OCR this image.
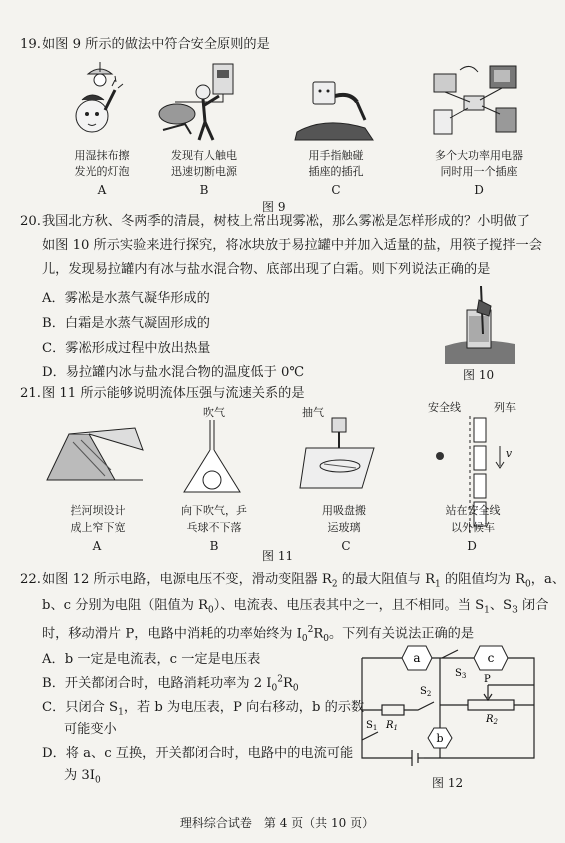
19. 如图 9 所示的做法中符合安全原则的是
用湿抹布擦
发光的灯泡
发现有人触电
迅速切断电源
用手指触碰
插座的插孔
多个大功率用电器
同时用一个插座
A	B	C	D
图 9
20. 我国北方秋、冬两季的清晨，树枝上常出现雾凇，那么雾凇是怎样形成的？小明做了
如图 10 所示实验来进行探究，将冰块放于易拉罐中并加入适量的盐，用筷子搅拌一会
儿，发现易拉罐内有冰与盐水混合物、底部出现了白霜。则下列说法正确的是
A．雾凇是水蒸气凝华形成的
B．白霜是水蒸气凝固形成的
C．雾凇形成过程中放出热量
D．易拉罐内冰与盐水混合物的温度低于 0℃	图 10
21. 图 11 所示能够说明流体压强与流速关系的是
吹气	抽气	安全线	列车
v
拦河坝设计
成上窄下宽
向下吹气，乒
乓球不下落
用吸盘搬
运玻璃
站在安全线
以外候车
A	B	C	D
图 11
22. 如图 12 所示电路，电源电压不变，滑动变阻器 $R_2$ 的最大阻值与 $R_1$ 的阻值均为 $R_0$，a、
b、c 分别为电阻（阻值为 $R_0$）、电流表、电压表其中之一，且不相同。当 $S_1$、$S_3$ 闭合
时，移动滑片 P，电路中消耗的功率始终为 $I_0^2R_0$。下列有关说法正确的是
A．b 一定是电流表，c 一定是电压表
B．开关都闭合时，电路消耗功率为 2 $I_0^2R_0$
C．只闭合 $S_1$，若 b 为电压表，P 向右移动，b 的示数
可能变小
D．将 a、c 互换，开关都闭合时，电路中的电流可能
为 $3I_0$
a	c
b
$S_3$
$S_2$
$S_1$
P
$R_1$
$R_2$
图 12
理科综合试卷　第 4 页（共 10 页）
